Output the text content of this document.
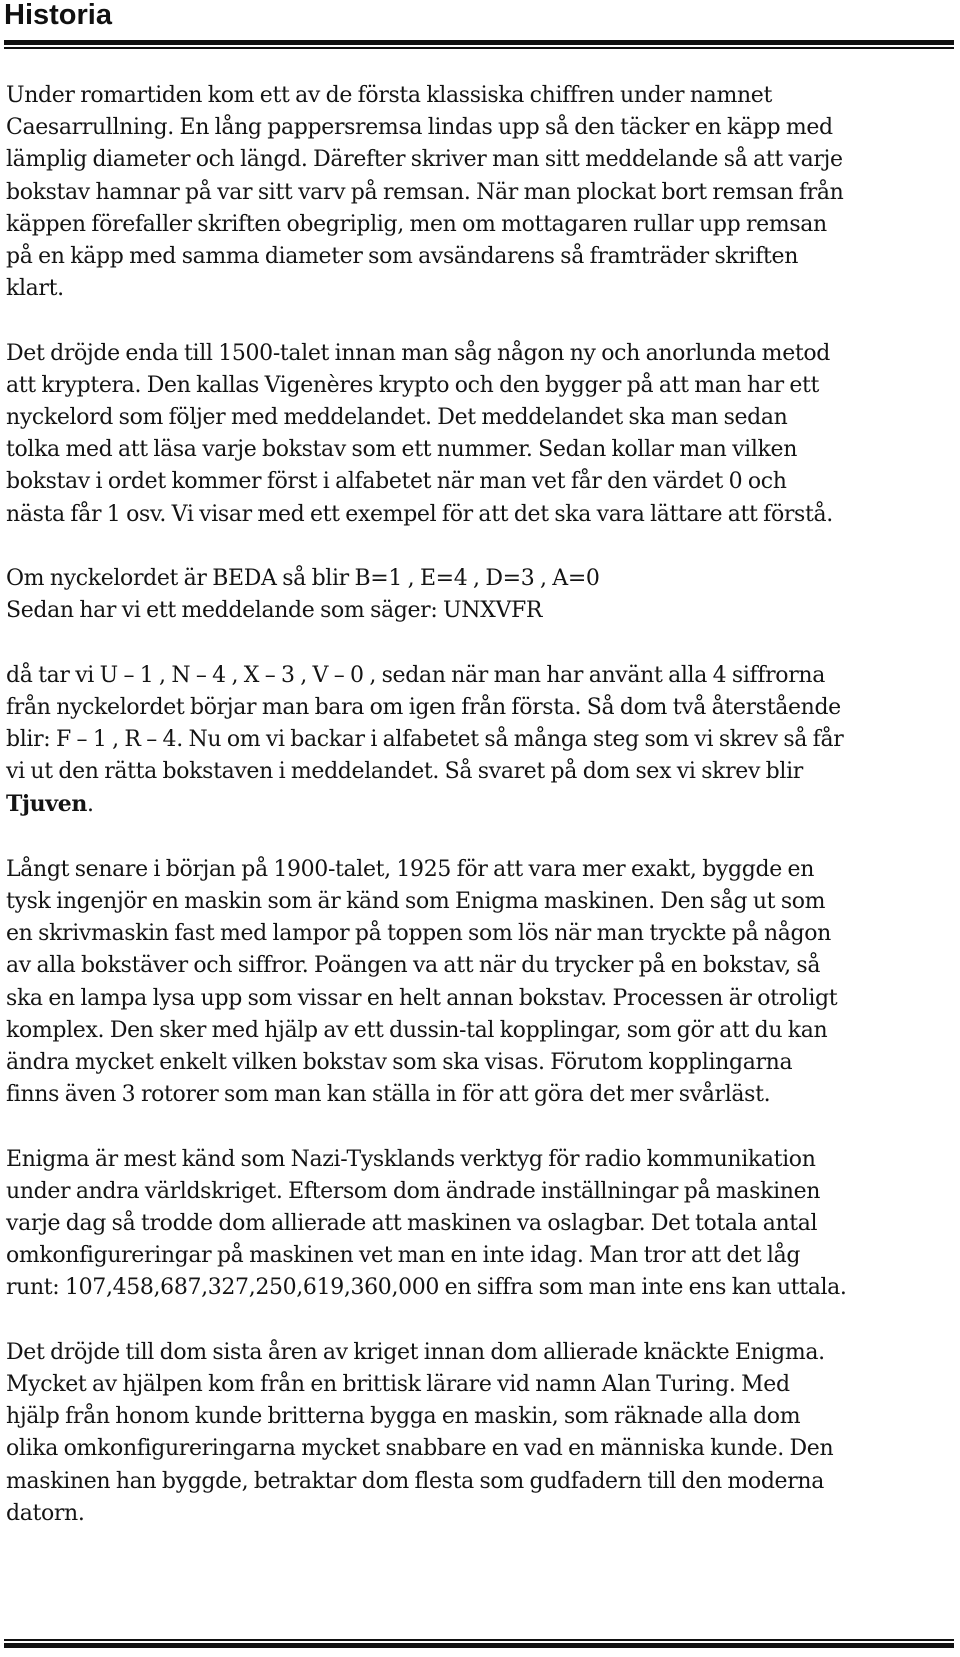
Historia

Under romartiden kom ett av de första klassiska chiffren under namnet

Caesarrullning. En lång pappersremsa lindas upp så den täcker en käpp med

lämplig diameter och längd. Därefter skriver man sitt meddelande så att varje

bokstav hamnar på var sitt varv på remsan. När man plockat bort remsan från

käppen förefaller skriften obegriplig, men om mottagaren rullar upp remsan

på en käpp med samma diameter som avsändarens så framträder skriften

klart.

Det dröjde enda till 1500-talet innan man såg någon ny och anorlunda metod

att kryptera. Den kallas Vigenères krypto och den bygger på att man har ett

nyckelord som följer med meddelandet. Det meddelandet ska man sedan

tolka med att läsa varje bokstav som ett nummer. Sedan kollar man vilken

bokstav i ordet kommer först i alfabetet när man vet får den värdet 0 och

nästa får 1 osv. Vi visar med ett exempel för att det ska vara lättare att förstå.

Om nyckelordet är BEDA så blir B=1 , E=4 , D=3 , A=0

Sedan har vi ett meddelande som säger: UNXVFR

då tar vi U – 1 , N – 4 , X – 3 , V – 0 , sedan när man har använt alla 4 siffrorna

från nyckelordet börjar man bara om igen från första. Så dom två återstående

blir: F – 1 , R – 4. Nu om vi backar i alfabetet så många steg som vi skrev så får

vi ut den rätta bokstaven i meddelandet. Så svaret på dom sex vi skrev blir

Tjuven.

Långt senare i början på 1900-talet, 1925 för att vara mer exakt, byggde en

tysk ingenjör en maskin som är känd som Enigma maskinen. Den såg ut som

en skrivmaskin fast med lampor på toppen som lös när man tryckte på någon

av alla bokstäver och siffror. Poängen va att när du trycker på en bokstav, så

ska en lampa lysa upp som vissar en helt annan bokstav. Processen är otroligt

komplex. Den sker med hjälp av ett dussin-tal kopplingar, som gör att du kan

ändra mycket enkelt vilken bokstav som ska visas. Förutom kopplingarna

finns även 3 rotorer som man kan ställa in för att göra det mer svårläst.

Enigma är mest känd som Nazi-Tysklands verktyg för radio kommunikation

under andra världskriget. Eftersom dom ändrade inställningar på maskinen

varje dag så trodde dom allierade att maskinen va oslagbar. Det totala antal

omkonfigureringar på maskinen vet man en inte idag. Man tror att det låg

runt: 107,458,687,327,250,619,360,000 en siffra som man inte ens kan uttala.

Det dröjde till dom sista åren av kriget innan dom allierade knäckte Enigma.

Mycket av hjälpen kom från en brittisk lärare vid namn Alan Turing. Med

hjälp från honom kunde britterna bygga en maskin, som räknade alla dom

olika omkonfigureringarna mycket snabbare en vad en människa kunde. Den

maskinen han byggde, betraktar dom flesta som gudfadern till den moderna

datorn.
